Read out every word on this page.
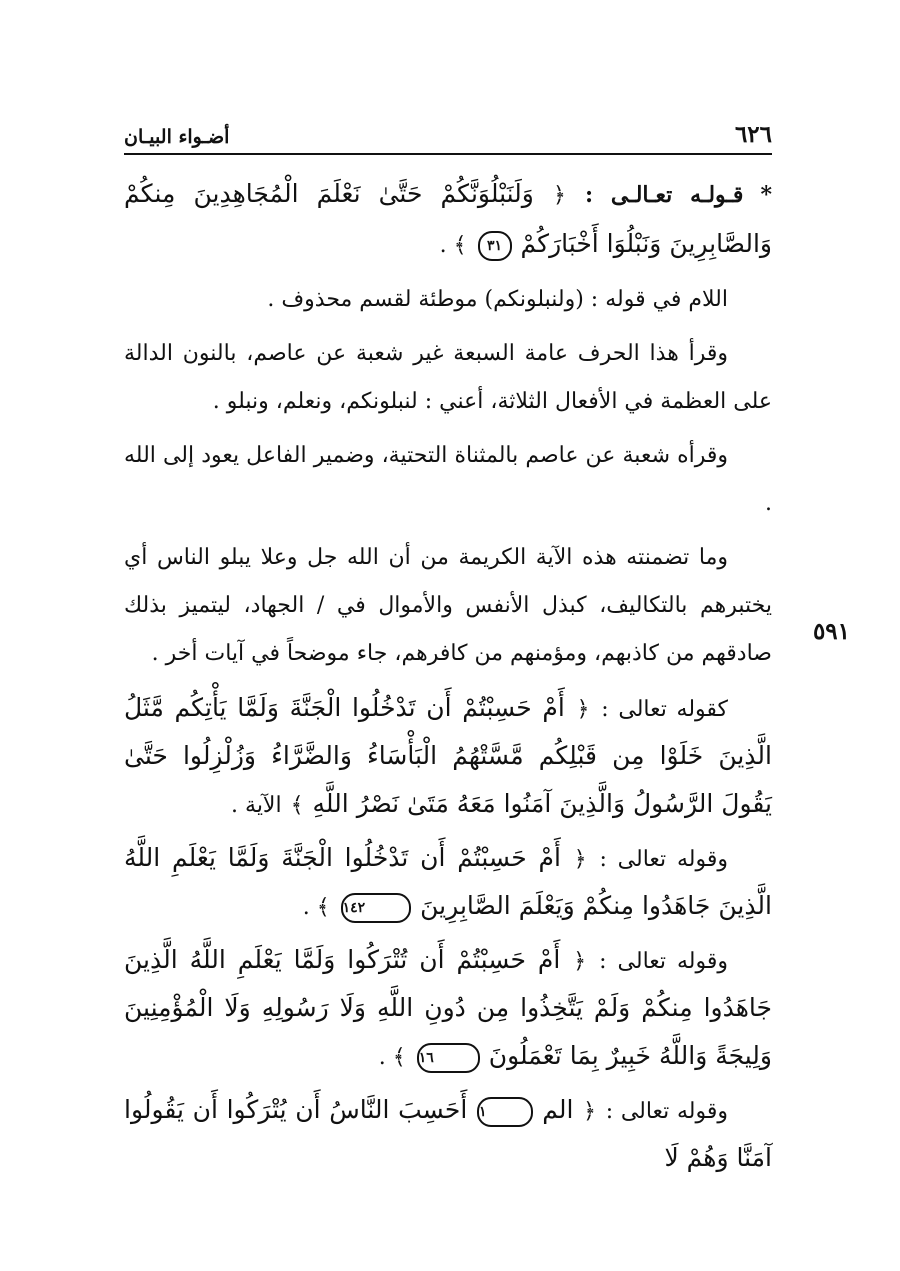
أضـواء البيـان	٦٢٦
٥٩١

* قـولـه تعـالـى : ﴿ وَلَنَبْلُوَنَّكُمْ حَتَّىٰ نَعْلَمَ الْمُجَاهِدِينَ مِنكُمْ وَالصَّابِرِينَ وَنَبْلُوَا أَخْبَارَكُمْ ٣١ ﴾ .

اللام في قوله : (ولنبلونكم) موطئة لقسم محذوف .

وقرأ هذا الحرف عامة السبعة غير شعبة عن عاصم، بالنون الدالة على العظمة في الأفعال الثلاثة، أعني : لنبلونكم، ونعلم، ونبلو .

وقرأه شعبة عن عاصم بالمثناة التحتية، وضمير الفاعل يعود إلى الله .

وما تضمنته هذه الآية الكريمة من أن الله جل وعلا يبلو الناس أي يختبرهم بالتكاليف، كبذل الأنفس والأموال في / الجهاد، ليتميز بذلك صادقهم من كاذبهم، ومؤمنهم من كافرهم، جاء موضحاً في آيات أخر .

كقوله تعالى : ﴿ أَمْ حَسِبْتُمْ أَن تَدْخُلُوا الْجَنَّةَ وَلَمَّا يَأْتِكُم مَّثَلُ الَّذِينَ خَلَوْا مِن قَبْلِكُم مَّسَّتْهُمُ الْبَأْسَاءُ وَالضَّرَّاءُ وَزُلْزِلُوا حَتَّىٰ يَقُولَ الرَّسُولُ وَالَّذِينَ آمَنُوا مَعَهُ مَتَىٰ نَصْرُ اللَّهِ ﴾ الآية .

وقوله تعالى : ﴿ أَمْ حَسِبْتُمْ أَن تَدْخُلُوا الْجَنَّةَ وَلَمَّا يَعْلَمِ اللَّهُ الَّذِينَ جَاهَدُوا مِنكُمْ وَيَعْلَمَ الصَّابِرِينَ ١٤٢ ﴾ .

وقوله تعالى : ﴿ أَمْ حَسِبْتُمْ أَن تُتْرَكُوا وَلَمَّا يَعْلَمِ اللَّهُ الَّذِينَ جَاهَدُوا مِنكُمْ وَلَمْ يَتَّخِذُوا مِن دُونِ اللَّهِ وَلَا رَسُولِهِ وَلَا الْمُؤْمِنِينَ وَلِيجَةً وَاللَّهُ خَبِيرٌ بِمَا تَعْمَلُونَ ١٦ ﴾ .

وقوله تعالى : ﴿ الم ١ أَحَسِبَ النَّاسُ أَن يُتْرَكُوا أَن يَقُولُوا آمَنَّا وَهُمْ لَا
